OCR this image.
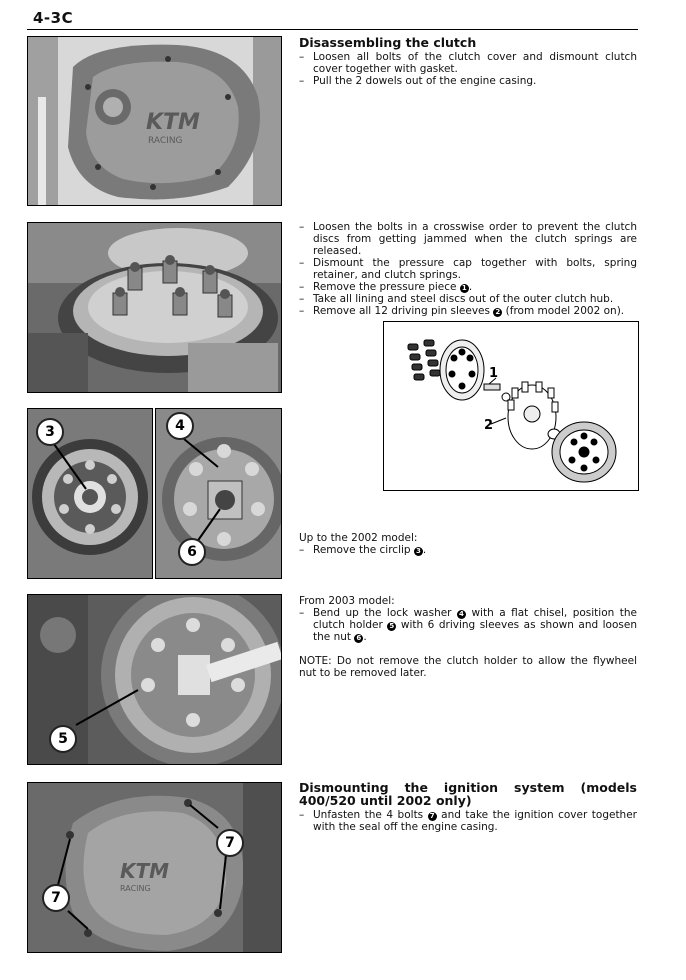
4-3C
KTM
RACING

Disassembling the clutch

– Loosen all bolts of the clutch cover and dismount clutch cover together with gasket.
– Pull the 2 dowels out of the engine casing.
– Loosen the bolts in a crosswise order to prevent the clutch discs from getting jammed when the clutch springs are released.
– Dismount the pressure cap together with bolts, spring retainer, and clutch springs.
– Remove the pressure piece 1 .
– Take all lining and steel discs out of the outer clutch hub.
– Remove all 12 driving pin sleeves 2 (from model 2002 on).
1
2
3	4
6

Up to the 2002 model:

– Remove the circlip 3 .
5

From 2003 model:

– Bend up the lock washer 4 with a flat chisel, position the clutch holder 5 with 6 driving sleeves as shown and loosen the nut 6 .

NOTE: Do not remove the clutch holder to allow the flywheel nut to be removed later.

KTM
RACING
7
7

Dismounting the ignition system (models 400/520 until 2002 only)

– Unfasten the 4 bolts 7 and take the ignition cover together with the seal off the engine casing.
